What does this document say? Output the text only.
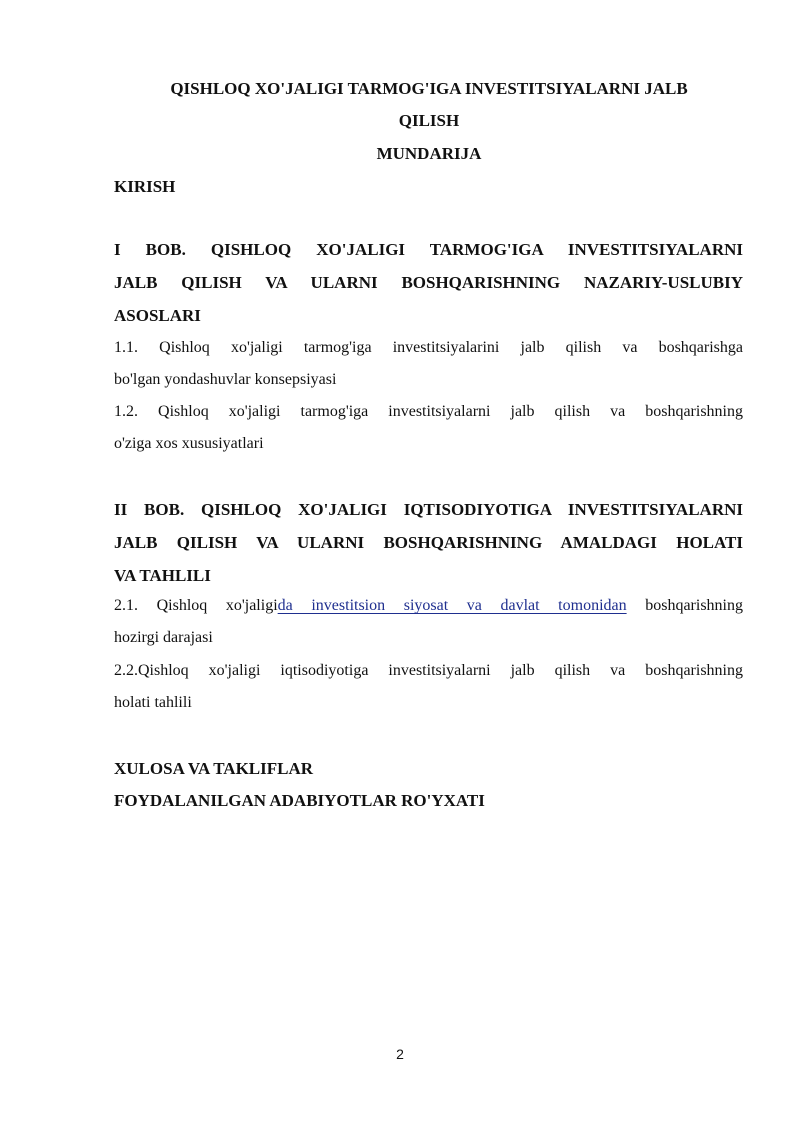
QISHLOQ XO'JALIGI TARMOG'IGA INVESTITSIYALARNI JALB
QILISH
MUNDARIJA
KIRISH
I BOB. QISHLOQ XO'JALIGI TARMOG'IGA INVESTITSIYALARNI
JALB QILISH VA ULARNI BOSHQARISHNING NAZARIY-USLUBIY
ASOSLARI
1.1. Qishloq xo'jaligi tarmog'iga investitsiyalarini jalb qilish va boshqarishga
bo'lgan yondashuvlar konsepsiyasi
1.2. Qishloq xo'jaligi tarmog'iga investitsiyalarni jalb qilish va boshqarishning
o'ziga xos xususiyatlari
II BOB. QISHLOQ XO'JALIGI IQTISODIYOTIGA INVESTITSIYALARNI
JALB QILISH VA ULARNI BOSHQARISHNING AMALDAGI HOLATI
VA TAHLILI
2.1. Qishloq xo'jaligida investitsion siyosat va davlat tomonidan boshqarishning
hozirgi darajasi
2.2.Qishloq xo'jaligi iqtisodiyotiga investitsiyalarni jalb qilish va boshqarishning
holati tahlili
XULOSA VA TAKLIFLAR
FOYDALANILGAN ADABIYOTLAR RO'YXATI
2
